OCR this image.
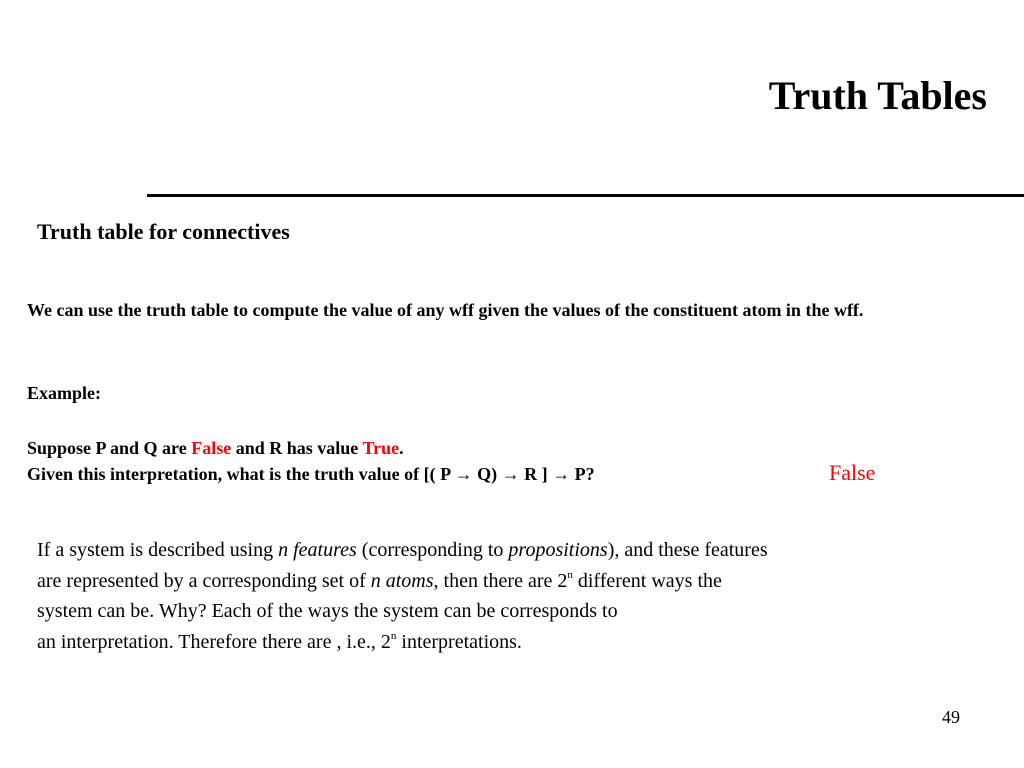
Truth Tables
Truth table for connectives
We can use the truth table to compute the value of any wff given the values of the constituent atom in the wff.
Example:
Suppose P and Q are False and R has value True.
Given this interpretation, what is the truth value of [( P → Q) → R ] → P?	False
If a system is described using n features (corresponding to propositions), and these features
are represented by a corresponding set of n atoms, then there are 2$^n$ different ways the
system can be. Why? Each of the ways the system can be corresponds to
an interpretation. Therefore there are , i.e., 2$^n$ interpretations.
49
